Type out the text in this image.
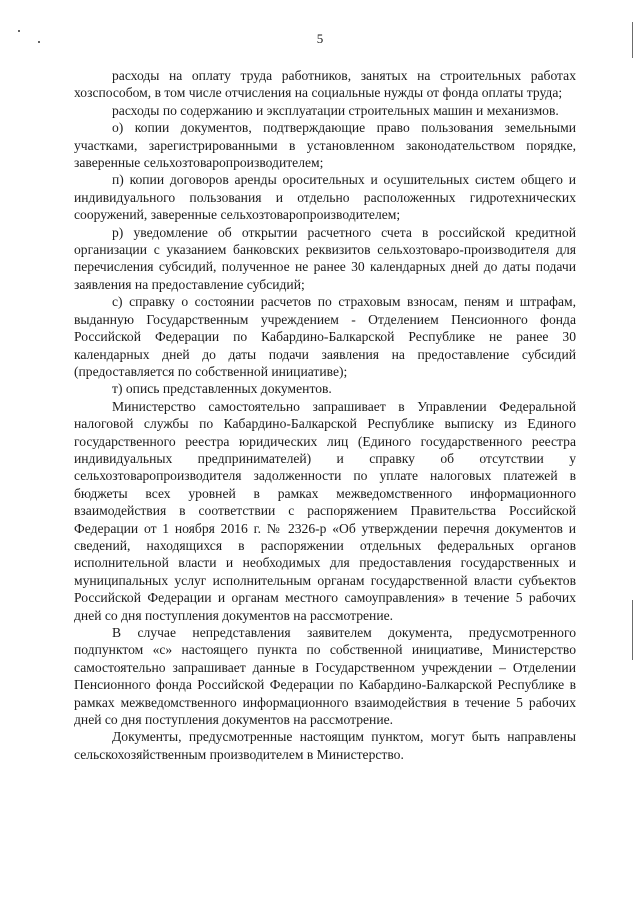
5

расходы на оплату труда работников, занятых на строительных работах хозспособом, в том числе отчисления на социальные нужды от фонда оплаты труда;

расходы по содержанию и эксплуатации строительных машин и механизмов.

о) копии документов, подтверждающие право пользования земельными участками, зарегистрированными в установленном законодательством порядке, заверенные сельхозтоваропроизводителем;

п) копии договоров аренды оросительных и осушительных систем общего и индивидуального пользования и отдельно расположенных гидротехнических сооружений, заверенные сельхозтоваропроизводителем;

р) уведомление об открытии расчетного счета в российской кредитной организации с указанием банковских реквизитов сельхозтоваро-производителя для перечисления субсидий, полученное не ранее 30 календарных дней до даты подачи заявления на предоставление субсидий;

с) справку о состоянии расчетов по страховым взносам, пеням и штрафам, выданную Государственным учреждением - Отделением Пенсионного фонда Российской Федерации по Кабардино-Балкарской Республике не ранее 30 календарных дней до даты подачи заявления на предоставление субсидий (предоставляется по собственной инициативе);

т) опись представленных документов.

Министерство самостоятельно запрашивает в Управлении Федеральной налоговой службы по Кабардино-Балкарской Республике выписку из Единого государственного реестра юридических лиц (Единого государственного реестра индивидуальных предпринимателей) и справку об отсутствии у сельхозтоваропроизводителя задолженности по уплате налоговых платежей в бюджеты всех уровней в рамках межведомственного информационного взаимодействия в соответствии с распоряжением Правительства Российской Федерации от 1 ноября 2016 г. № 2326-р «Об утверждении перечня документов и сведений, находящихся в распоряжении отдельных федеральных органов исполнительной власти и необходимых для предоставления государственных и муниципальных услуг исполнительным органам государственной власти субъектов Российской Федерации и органам местного самоуправления» в течение 5 рабочих дней со дня поступления документов на рассмотрение.

В случае непредставления заявителем документа, предусмотренного подпунктом «с» настоящего пункта по собственной инициативе, Министерство самостоятельно запрашивает данные в Государственном учреждении – Отделении Пенсионного фонда Российской Федерации по Кабардино-Балкарской Республике в рамках межведомственного информационного взаимодействия в течение 5 рабочих дней со дня поступления документов на рассмотрение.

Документы, предусмотренные настоящим пунктом, могут быть направлены сельскохозяйственным производителем в Министерство.
